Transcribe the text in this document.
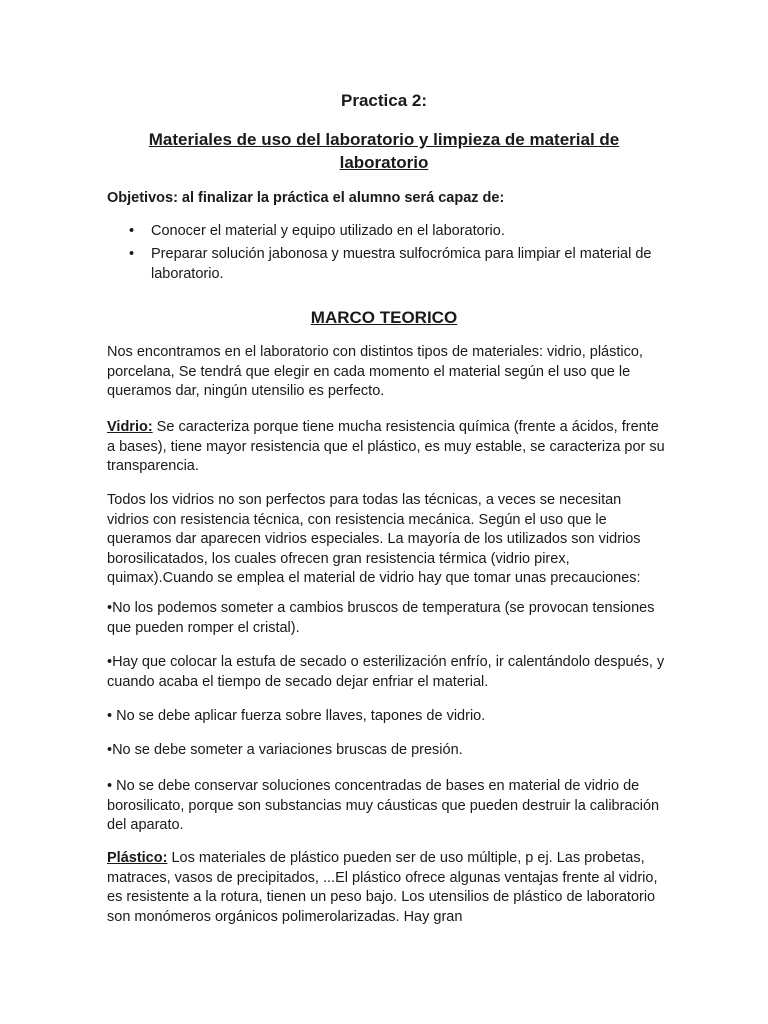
Practica 2:
Materiales de uso del laboratorio y limpieza de material de laboratorio

Objetivos: al finalizar la práctica el alumno será capaz de:

• Conocer el material y equipo utilizado en el laboratorio.
• Preparar solución jabonosa y muestra sulfocrómica para limpiar el material de laboratorio.
MARCO TEORICO

Nos encontramos en el laboratorio con distintos tipos de materiales: vidrio, plástico, porcelana, Se tendrá que elegir en cada momento el material según el uso que le queramos dar, ningún utensilio es perfecto.

Vidrio: Se caracteriza porque tiene mucha resistencia química (frente a ácidos, frente a bases), tiene mayor resistencia que el plástico, es muy estable, se caracteriza por su transparencia.

Todos los vidrios no son perfectos para todas las técnicas, a veces se necesitan vidrios con resistencia técnica, con resistencia mecánica. Según el uso que le queramos dar aparecen vidrios especiales. La mayoría de los utilizados son vidrios borosilicatados, los cuales ofrecen gran resistencia térmica (vidrio pirex, quimax).Cuando se emplea el material de vidrio hay que tomar unas precauciones:

•No los podemos someter a cambios bruscos de temperatura (se provocan tensiones que pueden romper el cristal).

•Hay que colocar la estufa de secado o esterilización enfrío, ir calentándolo después, y cuando acaba el tiempo de secado dejar enfriar el material.

• No se debe aplicar fuerza sobre llaves, tapones de vidrio.

•No se debe someter a variaciones bruscas de presión.

• No se debe conservar soluciones concentradas de bases en material de vidrio de borosilicato, porque son substancias muy cáusticas que pueden destruir la calibración del aparato.

Plástico: Los materiales de plástico pueden ser de uso múltiple, p ej. Las probetas, matraces, vasos de precipitados, ...El plástico ofrece algunas ventajas frente al vidrio, es resistente a la rotura, tienen un peso bajo. Los utensilios de plástico de laboratorio son monómeros orgánicos polimerolarizadas. Hay gran
